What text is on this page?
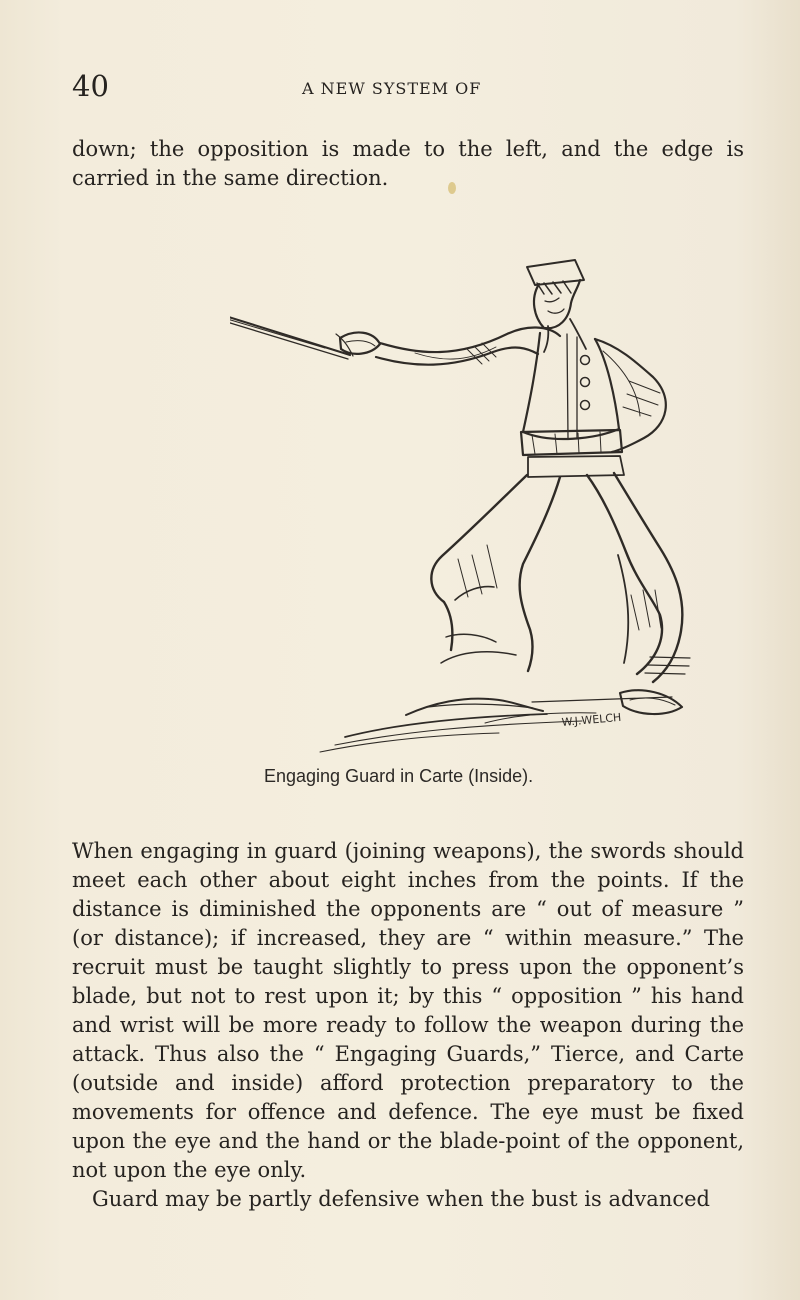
40	A NEW SYSTEM OF
down; the opposition is made to the left, and the edge is carried in the same direction.
W.J.WELCH
Engaging Guard in Carte (Inside).

When engaging in guard (joining weapons), the swords should meet each other about eight inches from the points. If the distance is diminished the opponents are “ out of measure ” (or distance); if increased, they are “ within measure.” The recruit must be taught slightly to press upon the opponent’s blade, but not to rest upon it; by this “ opposition ” his hand and wrist will be more ready to follow the weapon during the attack. Thus also the “ Engaging Guards,” Tierce, and Carte (outside and inside) afford protection preparatory to the movements for offence and defence. The eye must be fixed upon the eye and the hand or the blade-point of the opponent, not upon the eye only.

Guard may be partly defensive when the bust is advanced
